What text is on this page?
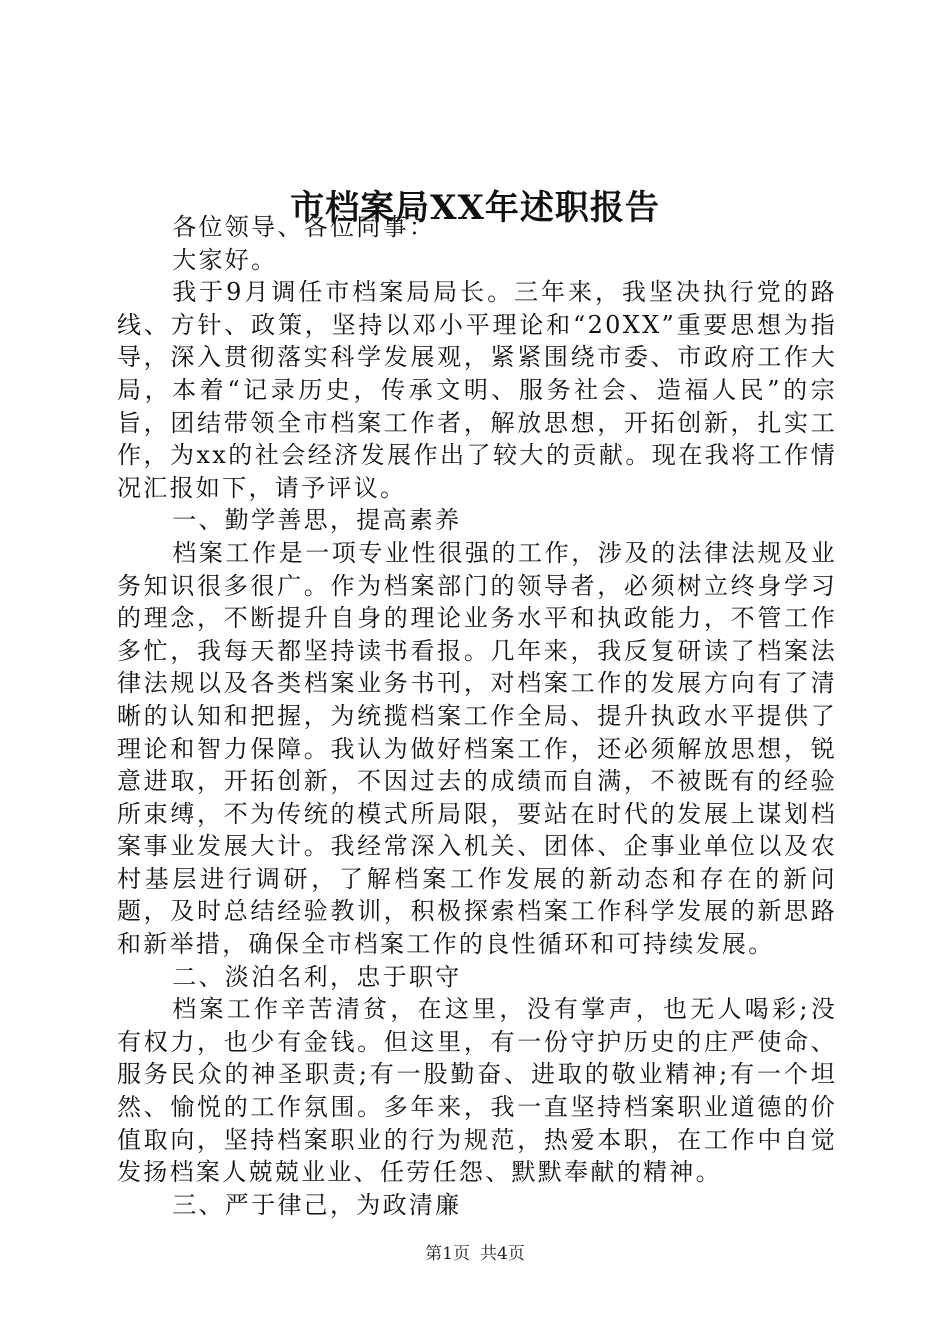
市档案局XX年述职报告

各位领导、各位同事：

大家好。

我于9月调任市档案局局长。三年来，我坚决执行党的路线、方针、政策，坚持以邓小平理论和“20XX”重要思想为指导，深入贯彻落实科学发展观，紧紧围绕市委、市政府工作大局，本着“记录历史，传承文明、服务社会、造福人民”的宗旨，团结带领全市档案工作者，解放思想，开拓创新，扎实工作，为xx的社会经济发展作出了较大的贡献。现在我将工作情况汇报如下，请予评议。

一、勤学善思，提高素养

档案工作是一项专业性很强的工作，涉及的法律法规及业务知识很多很广。作为档案部门的领导者，必须树立终身学习的理念，不断提升自身的理论业务水平和执政能力，不管工作多忙，我每天都坚持读书看报。几年来，我反复研读了档案法律法规以及各类档案业务书刊，对档案工作的发展方向有了清晰的认知和把握，为统揽档案工作全局、提升执政水平提供了理论和智力保障。我认为做好档案工作，还必须解放思想，锐意进取，开拓创新，不因过去的成绩而自满，不被既有的经验所束缚，不为传统的模式所局限，要站在时代的发展上谋划档案事业发展大计。我经常深入机关、团体、企事业单位以及农村基层进行调研，了解档案工作发展的新动态和存在的新问题，及时总结经验教训，积极探索档案工作科学发展的新思路和新举措，确保全市档案工作的良性循环和可持续发展。

二、淡泊名利，忠于职守

档案工作辛苦清贫，在这里，没有掌声，也无人喝彩;没有权力，也少有金钱。但这里，有一份守护历史的庄严使命、服务民众的神圣职责;有一股勤奋、进取的敬业精神;有一个坦然、愉悦的工作氛围。多年来，我一直坚持档案职业道德的价值取向，坚持档案职业的行为规范，热爱本职，在工作中自觉发扬档案人兢兢业业、任劳任怨、默默奉献的精神。

三、严于律己，为政清廉

第1页 共4页
